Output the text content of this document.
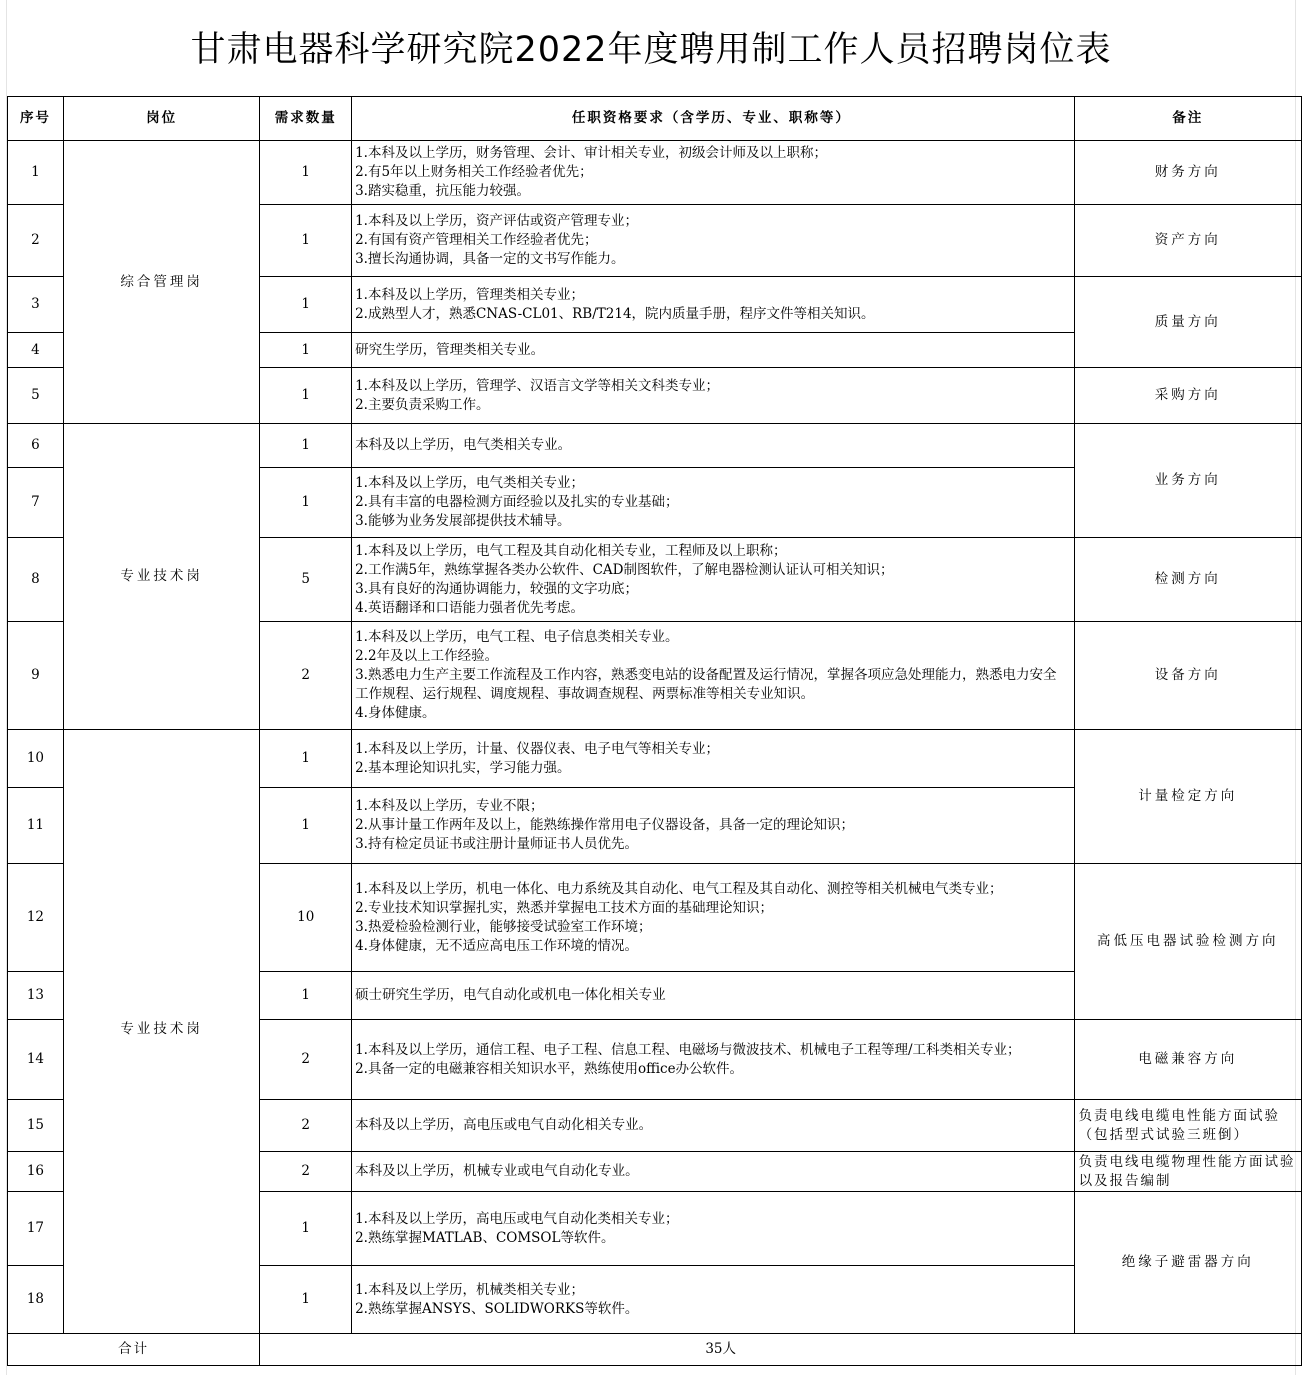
甘肃电器科学研究院2022年度聘用制工作人员招聘岗位表
序号	岗位	需求数量	任职资格要求（含学历、专业、职称等）	备注
1	综合管理岗	1	1.本科及以上学历，财务管理、会计、审计相关专业，初级会计师及以上职称；
2.有5年以上财务相关工作经验者优先；
3.踏实稳重，抗压能力较强。	财务方向
2		1	1.本科及以上学历，资产评估或资产管理专业；
2.有国有资产管理相关工作经验者优先；
3.擅长沟通协调，具备一定的文书写作能力。	资产方向
3		1	1.本科及以上学历，管理类相关专业；
2.成熟型人才，熟悉CNAS-CL01、RB/T214，院内质量手册，程序文件等相关知识。	质量方向
4		1	研究生学历，管理类相关专业。	

5		1	1.本科及以上学历，管理学、汉语言文学等相关文科类专业；
2.主要负责采购工作。	采购方向
6	专业技术岗	1	本科及以上学历，电气类相关专业。	业务方向
7		1	1.本科及以上学历，电气类相关专业；
2.具有丰富的电器检测方面经验以及扎实的专业基础；
3.能够为业务发展部提供技术辅导。	

8		5	1.本科及以上学历，电气工程及其自动化相关专业，工程师及以上职称；
2.工作满5年，熟练掌握各类办公软件、CAD制图软件，了解电器检测认证认可相关知识；
3.具有良好的沟通协调能力，较强的文字功底；
4.英语翻译和口语能力强者优先考虑。	检测方向
9		2	1.本科及以上学历，电气工程、电子信息类相关专业。
2.2年及以上工作经验。
3.熟悉电力生产主要工作流程及工作内容，熟悉变电站的设备配置及运行情况，掌握各项应急处理能力，熟悉电力安全工作规程、运行规程、调度规程、事故调查规程、两票标准等相关专业知识。
4.身体健康。	设备方向
10	专业技术岗	1	1.本科及以上学历，计量、仪器仪表、电子电气等相关专业；
2.基本理论知识扎实，学习能力强。	计量检定方向
11		1	1.本科及以上学历，专业不限；
2.从事计量工作两年及以上，能熟练操作常用电子仪器设备，具备一定的理论知识；
3.持有检定员证书或注册计量师证书人员优先。	

12		10	1.本科及以上学历，机电一体化、电力系统及其自动化、电气工程及其自动化、测控等相关机械电气类专业；
2.专业技术知识掌握扎实，熟悉并掌握电工技术方面的基础理论知识；
3.热爱检验检测行业，能够接受试验室工作环境；
4.身体健康，无不适应高电压工作环境的情况。	高低压电器试验检测方向
13		1	硕士研究生学历，电气自动化或机电一体化相关专业	

14		2	1.本科及以上学历，通信工程、电子工程、信息工程、电磁场与微波技术、机械电子工程等理/工科类相关专业；
2.具备一定的电磁兼容相关知识水平，熟练使用office办公软件。	电磁兼容方向
15		2	本科及以上学历，高电压或电气自动化相关专业。	负责电线电缆电性能方面试验（包括型式试验三班倒）
16		2	本科及以上学历，机械专业或电气自动化专业。	负责电线电缆物理性能方面试验以及报告编制
17		1	1.本科及以上学历，高电压或电气自动化类相关专业；
2.熟练掌握MATLAB、COMSOL等软件。	绝缘子避雷器方向
18		1	1.本科及以上学历，机械类相关专业；
2.熟练掌握ANSYS、SOLIDWORKS等软件。	

合计		35人		
